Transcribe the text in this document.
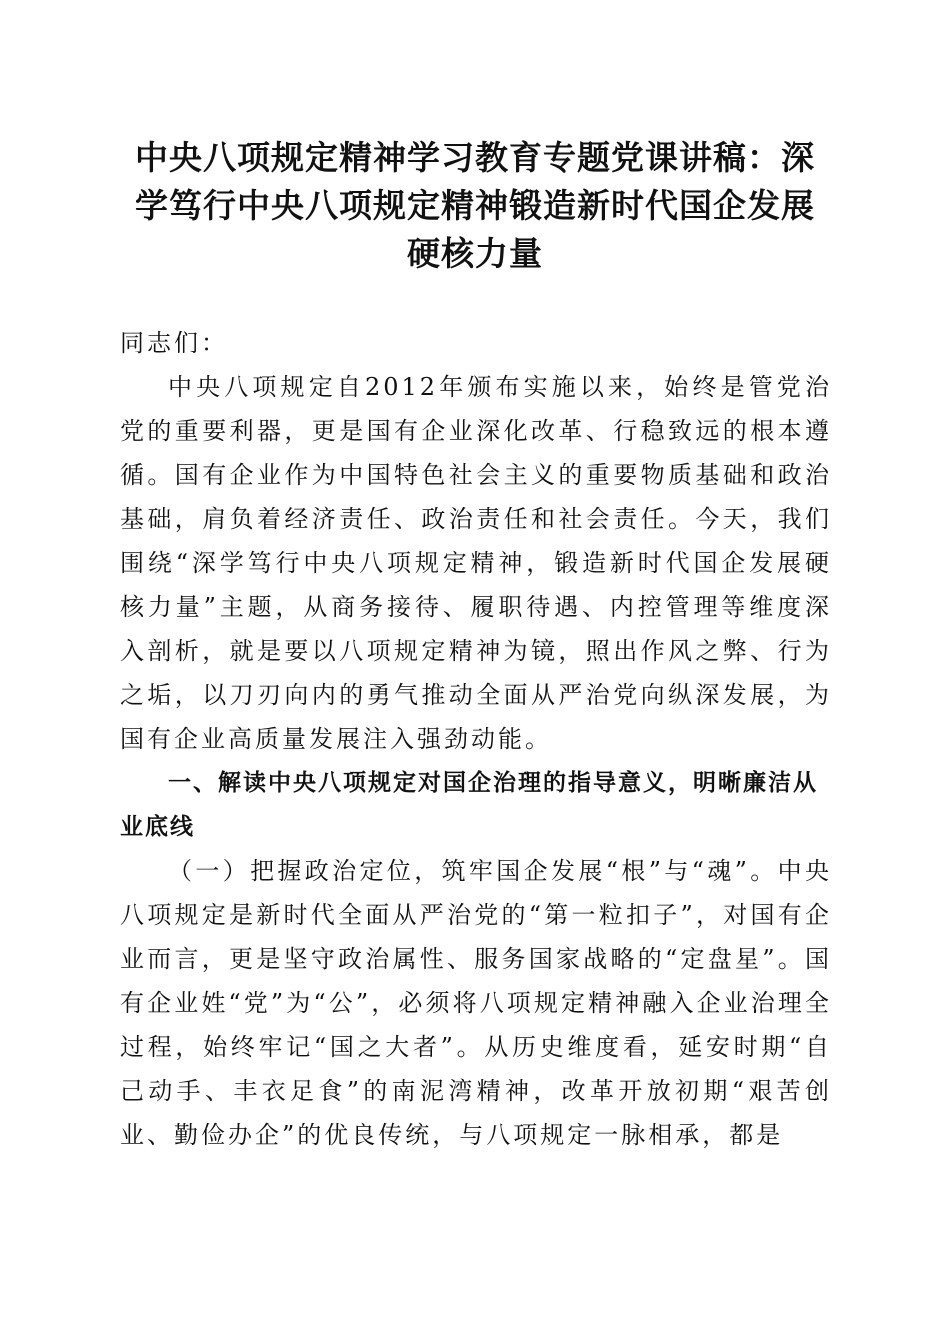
中央八项规定精神学习教育专题党课讲稿：深
学笃行中央八项规定精神锻造新时代国企发展
硬核力量

同志们：

中央八项规定自2012年颁布实施以来，始终是管党治党的重要利器，更是国有企业深化改革、行稳致远的根本遵循。国有企业作为中国特色社会主义的重要物质基础和政治基础，肩负着经济责任、政治责任和社会责任。今天，我们围绕“深学笃行中央八项规定精神，锻造新时代国企发展硬核力量”主题，从商务接待、履职待遇、内控管理等维度深入剖析，就是要以八项规定精神为镜，照出作风之弊、行为之垢，以刀刃向内的勇气推动全面从严治党向纵深发展，为国有企业高质量发展注入强劲动能。

一、解读中央八项规定对国企治理的指导意义，明晰廉洁从业底线

（一）把握政治定位，筑牢国企发展“根”与“魂”。中央八项规定是新时代全面从严治党的“第一粒扣子”，对国有企业而言，更是坚守政治属性、服务国家战略的“定盘星”。国有企业姓“党”为“公”，必须将八项规定精神融入企业治理全过程，始终牢记“国之大者”。从历史维度看，延安时期“自己动手、丰衣足食”的南泥湾精神，改革开放初期“艰苦创业、勤俭办企”的优良传统，与八项规定一脉相承，都是
